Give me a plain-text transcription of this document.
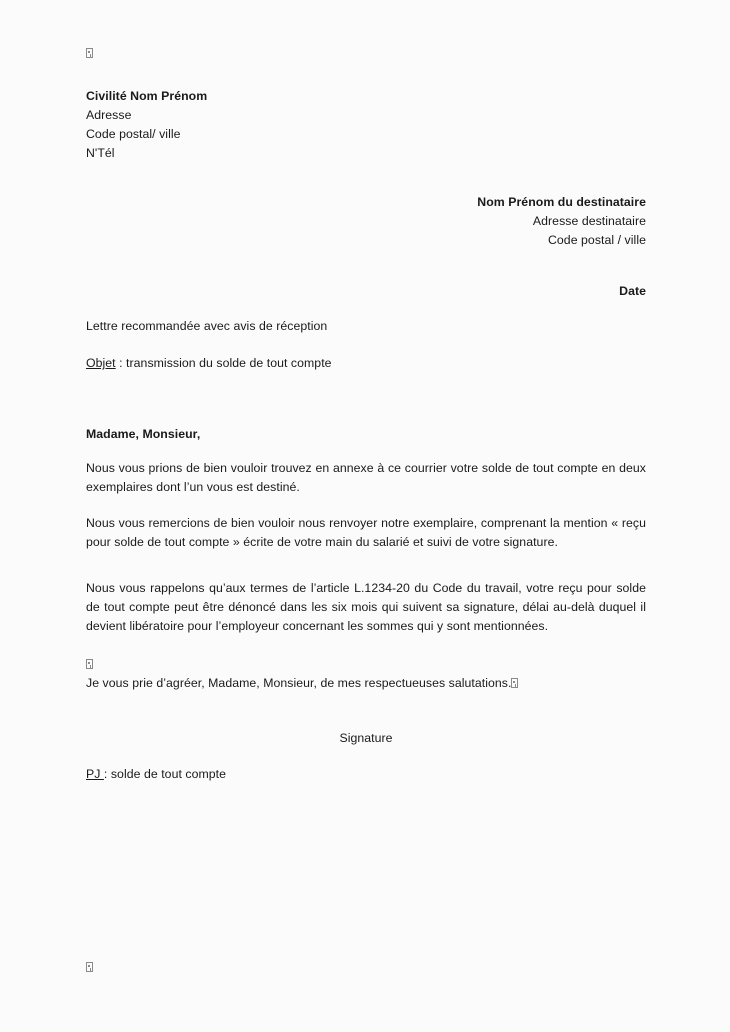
Civilité Nom Prénom
Adresse
Code postal/ ville
N'Tél
Nom Prénom du destinataire
Adresse destinataire
Code postal / ville
Date
Lettre recommandée avec avis de réception
Objet : transmission du solde de tout compte
Madame, Monsieur,
Nous vous prions de bien vouloir trouvez en annexe à ce courrier votre solde de tout compte en deux exemplaires dont l’un vous est destiné.
Nous vous remercions de bien vouloir nous renvoyer notre exemplaire, comprenant la mention « reçu pour solde de tout compte » écrite de votre main du salarié et suivi de votre signature.
Nous vous rappelons qu’aux termes de l’article L.1234-20 du Code du travail, votre reçu pour solde de tout compte peut être dénoncé dans les six mois qui suivent sa signature, délai au-delà duquel il devient libératoire pour l’employeur concernant les sommes qui y sont mentionnées.
Je vous prie d’agréer, Madame, Monsieur, de mes respectueuses salutations.
Signature
PJ : solde de tout compte
